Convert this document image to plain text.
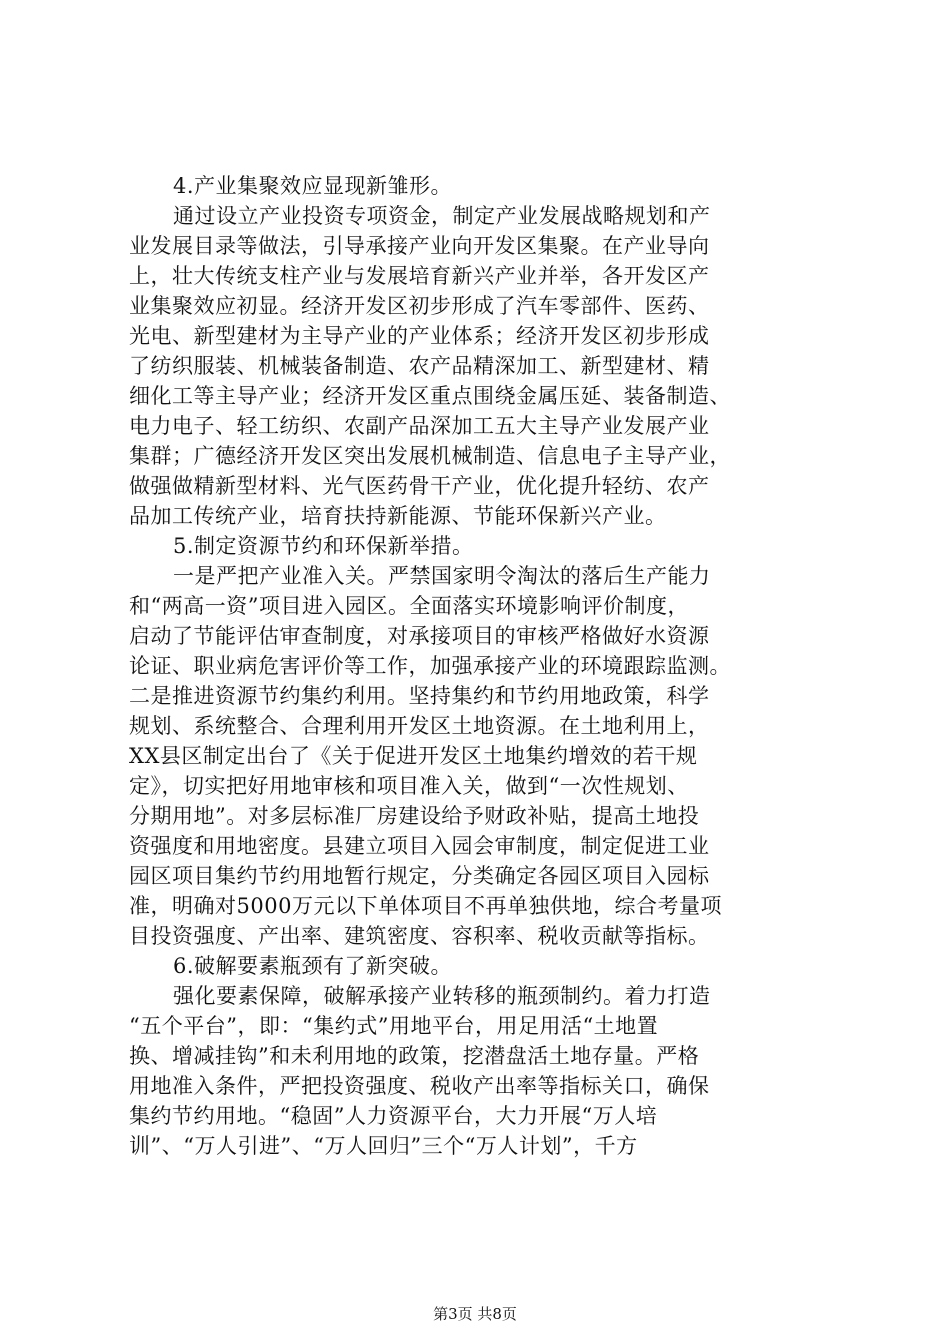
4.产业集聚效应显现新雏形。
通过设立产业投资专项资金，制定产业发展战略规划和产
业发展目录等做法，引导承接产业向开发区集聚。在产业导向
上，壮大传统支柱产业与发展培育新兴产业并举，各开发区产
业集聚效应初显。经济开发区初步形成了汽车零部件、医药、
光电、新型建材为主导产业的产业体系；经济开发区初步形成
了纺织服装、机械装备制造、农产品精深加工、新型建材、精
细化工等主导产业；经济开发区重点围绕金属压延、装备制造、
电力电子、轻工纺织、农副产品深加工五大主导产业发展产业
集群；广德经济开发区突出发展机械制造、信息电子主导产业，
做强做精新型材料、光气医药骨干产业，优化提升轻纺、农产
品加工传统产业，培育扶持新能源、节能环保新兴产业。
5.制定资源节约和环保新举措。
一是严把产业准入关。严禁国家明令淘汰的落后生产能力
和“两高一资”项目进入园区。全面落实环境影响评价制度，
启动了节能评估审查制度，对承接项目的审核严格做好水资源
论证、职业病危害评价等工作，加强承接产业的环境跟踪监测。
二是推进资源节约集约利用。坚持集约和节约用地政策，科学
规划、系统整合、合理利用开发区土地资源。在土地利用上，
XX县区制定出台了《关于促进开发区土地集约增效的若干规
定》，切实把好用地审核和项目准入关，做到“一次性规划、
分期用地”。对多层标准厂房建设给予财政补贴，提高土地投
资强度和用地密度。县建立项目入园会审制度，制定促进工业
园区项目集约节约用地暂行规定，分类确定各园区项目入园标
准，明确对5000万元以下单体项目不再单独供地，综合考量项
目投资强度、产出率、建筑密度、容积率、税收贡献等指标。
6.破解要素瓶颈有了新突破。
强化要素保障，破解承接产业转移的瓶颈制约。着力打造
“五个平台”，即：“集约式”用地平台，用足用活“土地置
换、增减挂钩”和未利用地的政策，挖潜盘活土地存量。严格
用地准入条件，严把投资强度、税收产出率等指标关口，确保
集约节约用地。“稳固”人力资源平台，大力开展“万人培
训”、“万人引进”、“万人回归”三个“万人计划”，千方
第3页 共8页
